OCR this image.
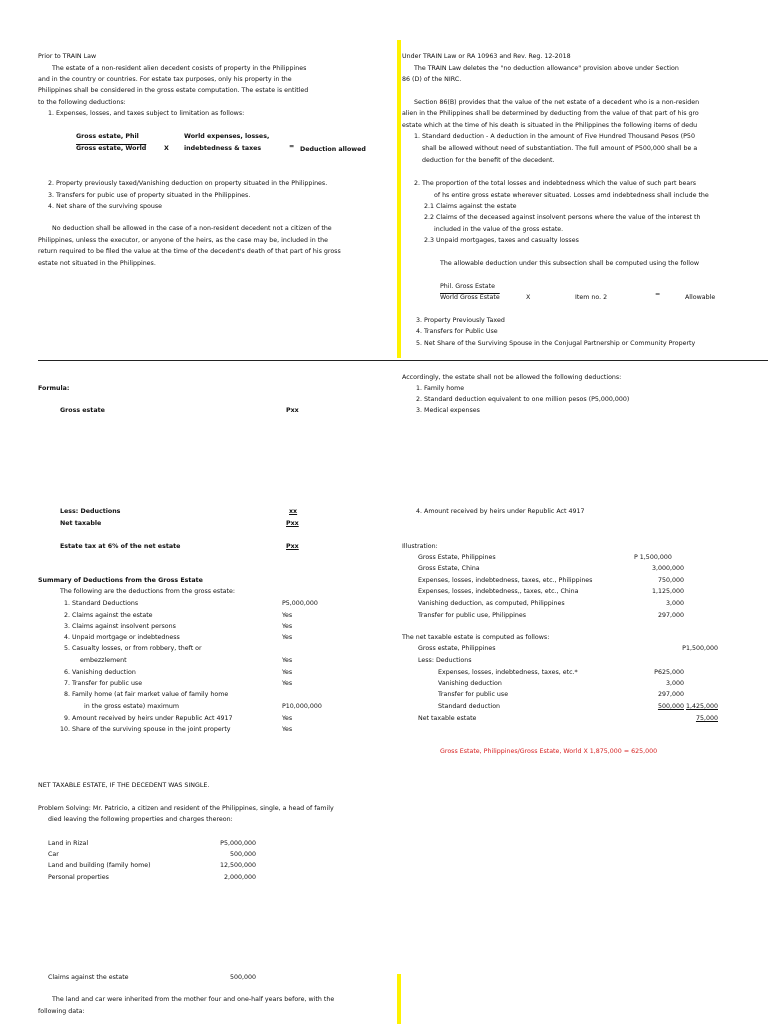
Prior to TRAIN Law
The estate of a non-resident alien decedent cosists of property in the Philippines
and in the country or countries. For estate tax purposes, only his property in the
Philippines shall be considered in the gross estate computation. The estate is entitled
to the following deductions:
1. Expenses, losses, and taxes subject to limitation as follows:
Gross estate, Phil
Gross estate, World	X
World expenses, losses,
indebtedness & taxes	= Deduction allowed
2. Property previously taxed/Vanishing deduction on property situated in the Philippines.
3. Transfers for pubic use of property situated in the Philippines.
4. Net share of the surviving spouse
No deduction shall be allowed in the case of a non-resident decedent not a citizen of the
Philippines, unless the executor, or anyone of the heirs, as the case may be, included in the
return required to be filed the value at the time of the decedent's death of that part of his gross
estate not situated in the Philippines.
Formula:
Gross estate	Pxx
Less: Deductions	xx
Net taxable	Pxx
Estate tax at 6% of the net estate	Pxx
Summary of Deductions from the Gross Estate
The following are the deductions from the gross estate:
1. Standard Deductions	P5,000,000
2. Claims against the estate	Yes
3. Claims against insolvent persons	Yes
4. Unpaid mortgage or indebtedness	Yes
5. Casualty losses, or from robbery, theft or
embezzlement	Yes
6. Vanishing deduction	Yes
7. Transfer for public use	Yes
8. Family home (at fair market value of family home
in the gross estate) maximum	P10,000,000
9. Amount received by heirs under Republic Act 4917	Yes
10. Share of the surviving spouse in the joint property	Yes
NET TAXABLE ESTATE, IF THE DECEDENT WAS SINGLE.
Problem Solving: Mr. Patricio, a citizen and resident of the Philippines, single, a head of family
died leaving the following properties and charges thereon:
Land in Rizal	P5,000,000
Car	500,000
Land and building (family home)	12,500,000
Personal properties	2,000,000
Claims against the estate	500,000
The land and car were inherited from the mother four and one-half years before, with the
following data:
Under TRAIN Law or RA 10963 and Rev. Reg. 12-2018
The TRAIN Law deletes the "no deduction allowance" provision above under Section
86 (D) of the NIRC.
Section 86(B) provides that the value of the net estate of a decedent who is a non-residen
alien in the Philippines shall be determined by deducting from the value of that part of his gro
estate which at the time of his death is situated in the Philippines the following items of dedu
1. Standard deduction - A deduction in the amount of Five Hundred Thousand Pesos (P50
shall be allowed without need of substantiation. The full amount of P500,000 shall be a
deduction for the benefit of the decedent.
2. The proportion of the total losses and indebtedness which the value of such part bears
of hs entire gross estate wherever situated. Losses amd indebtedness shall include the
2.1 Claims against the estate
2.2 Claims of the deceased against insolvent persons where the value of the interest th
included in the value of the gross estate.
2.3 Unpaid mortgages, taxes and casualty losses
The allowable deduction under this subsection shall be computed using the follow
Phil. Gross Estate
World Gross Estate	X	Item no. 2	=	Allowable
3. Property Previously Taxed
4. Transfers for Public Use
5. Net Share of the Surviving Spouse in the Conjugal Partnership or Community Property
Accordingly, the estate shall not be allowed the following deductions:
1. Family home
2. Standard deduction equivalent to one million pesos (P5,000,000)
3. Medical expenses
4. Amount received by heirs under Republic Act 4917
Illustration:
Gross Estate, Philippines	P 1,500,000
Gross Estate, China	3,000,000
Expenses, losses, indebtedness, taxes, etc., Philippines	750,000
Expenses, losses, indebtedness,, taxes, etc., China	1,125,000
Vanishing deduction, as computed, Philippines	3,000
Transfer for public use, Philippines	297,000
The net taxable estate is computed as follows:
Gross estate, Philippines	P1,500,000
Less: Deductions
Expenses, losses, indebtedness, taxes, etc.*	P625,000
Vanishing deduction	3,000
Transfer for public use	297,000
Standard deduction	500,000 1,425,000
Net taxable estate	75,000
Gross Estate, Philippines/Gross Estate, World X 1,875,000 = 625,000
